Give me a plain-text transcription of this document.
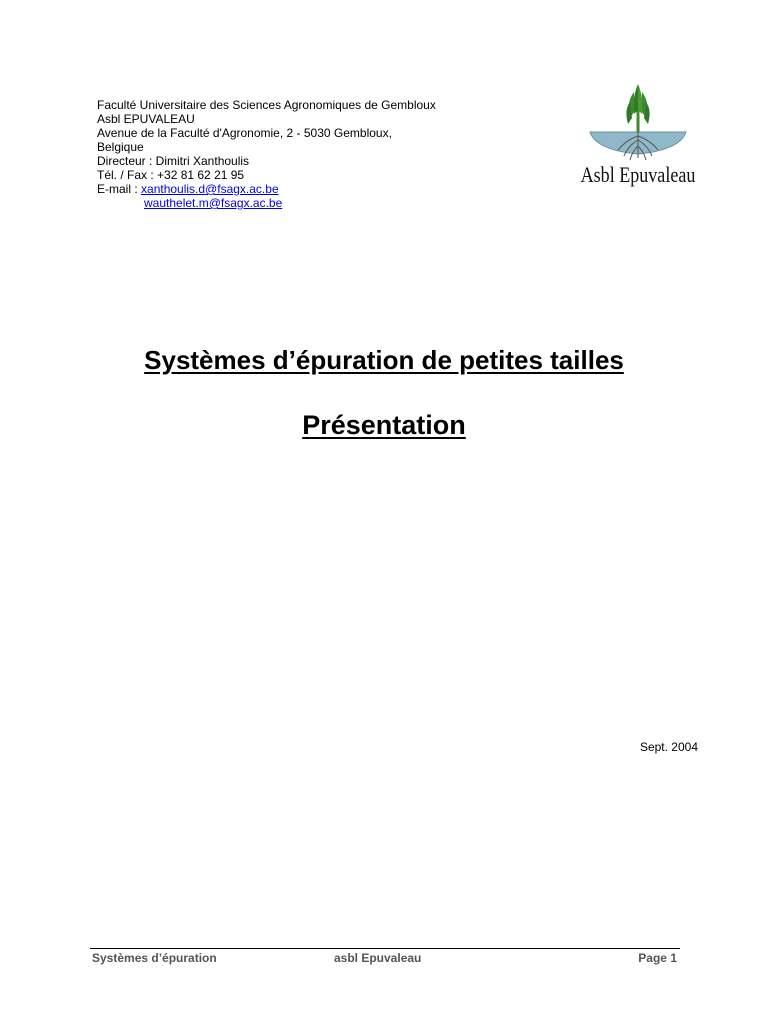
Faculté Universitaire des Sciences Agronomiques de Gembloux
Asbl EPUVALEAU
Avenue de la Faculté d'Agronomie, 2 - 5030 Gembloux,
Belgique
Directeur : Dimitri Xanthoulis
Tél. / Fax : +32 81 62 21 95
E-mail : xanthoulis.d@fsagx.ac.be
wauthelet.m@fsagx.ac.be
Asbl Epuvaleau
Systèmes d’épuration de petites tailles
Présentation
Sept. 2004
Systèmes d’épuration	asbl Epuvaleau	Page 1
